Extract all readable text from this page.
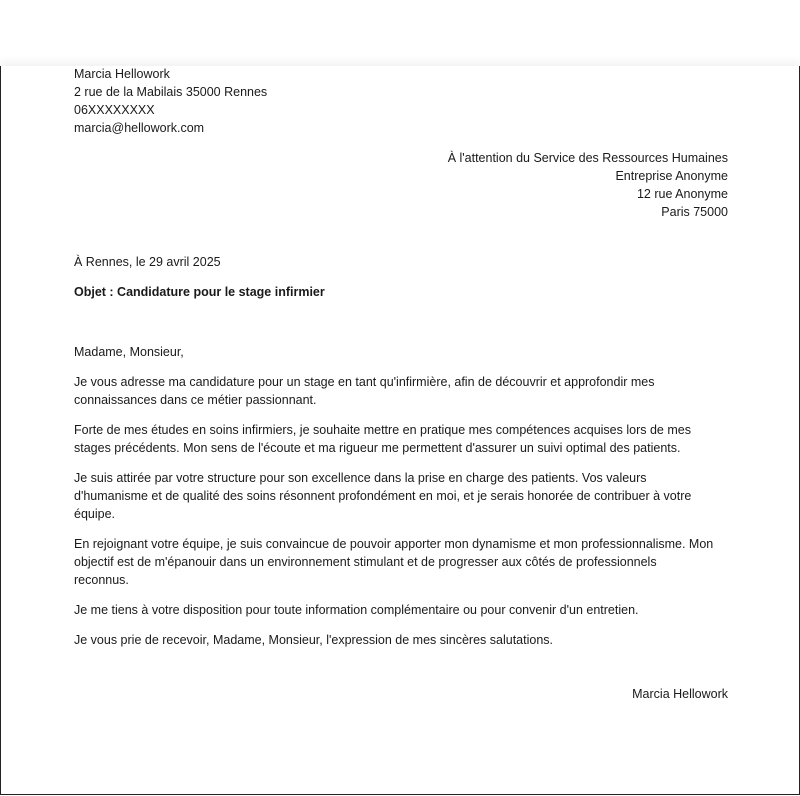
Marcia Hellowork
2 rue de la Mabilais 35000 Rennes
06XXXXXXXX
marcia@hellowork.com
À l'attention du Service des Ressources Humaines
Entreprise Anonyme
12 rue Anonyme
Paris 75000
À Rennes, le 29 avril 2025
Objet : Candidature pour le stage infirmier
Madame, Monsieur,
Je vous adresse ma candidature pour un stage en tant qu'infirmière, afin de découvrir et approfondir mes
connaissances dans ce métier passionnant.
Forte de mes études en soins infirmiers, je souhaite mettre en pratique mes compétences acquises lors de mes
stages précédents. Mon sens de l'écoute et ma rigueur me permettent d'assurer un suivi optimal des patients.
Je suis attirée par votre structure pour son excellence dans la prise en charge des patients. Vos valeurs
d'humanisme et de qualité des soins résonnent profondément en moi, et je serais honorée de contribuer à votre
équipe.
En rejoignant votre équipe, je suis convaincue de pouvoir apporter mon dynamisme et mon professionnalisme. Mon
objectif est de m'épanouir dans un environnement stimulant et de progresser aux côtés de professionnels
reconnus.
Je me tiens à votre disposition pour toute information complémentaire ou pour convenir d'un entretien.
Je vous prie de recevoir, Madame, Monsieur, l'expression de mes sincères salutations.
Marcia Hellowork
